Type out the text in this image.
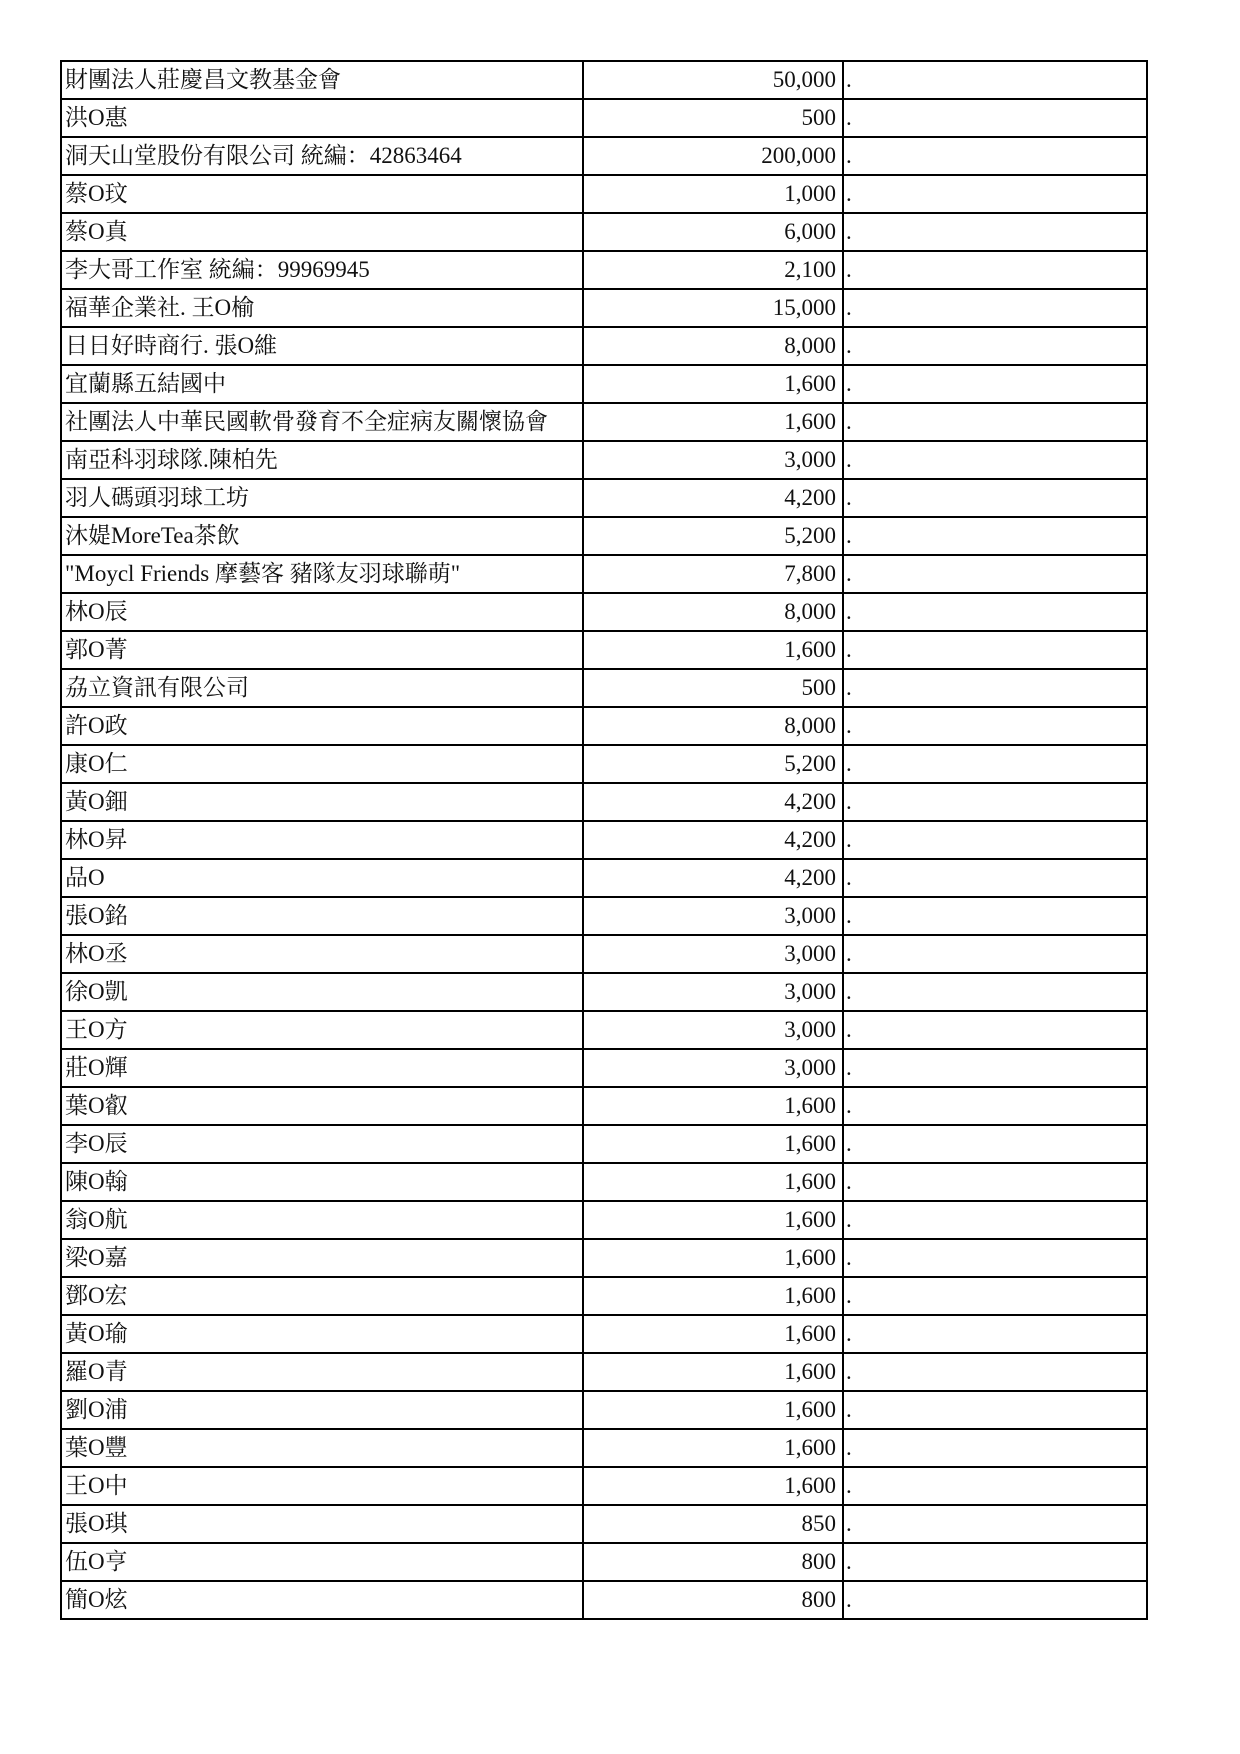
財團法人莊慶昌文教基金會	50,000	.
洪O惠	500	.
洞天山堂股份有限公司 統編：42863464	200,000	.
蔡O玟	1,000	.
蔡O真	6,000	.
李大哥工作室 統編：99969945	2,100	.
福華企業社. 王O榆	15,000	.
日日好時商行. 張O維	8,000	.
宜蘭縣五結國中	1,600	.
社團法人中華民國軟骨發育不全症病友關懷協會	1,600	.
南亞科羽球隊.陳柏先	3,000	.
羽人碼頭羽球工坊	4,200	.
沐媞MoreTea茶飲	5,200	.
"Moycl Friends 摩藝客 豬隊友羽球聯萌"	7,800	.
林O辰	8,000	.
郭O菁	1,600	.
劦立資訊有限公司	500	.
許O政	8,000	.
康O仁	5,200	.
黃O鈿	4,200	.
林O昇	4,200	.
品O	4,200	.
張O銘	3,000	.
林O丞	3,000	.
徐O凱	3,000	.
王O方	3,000	.
莊O輝	3,000	.
葉O叡	1,600	.
李O辰	1,600	.
陳O翰	1,600	.
翁O航	1,600	.
梁O嘉	1,600	.
鄧O宏	1,600	.
黃O瑜	1,600	.
羅O青	1,600	.
劉O浦	1,600	.
葉O豐	1,600	.
王O中	1,600	.
張O琪	850	.
伍O亨	800	.
簡O炫	800	.
